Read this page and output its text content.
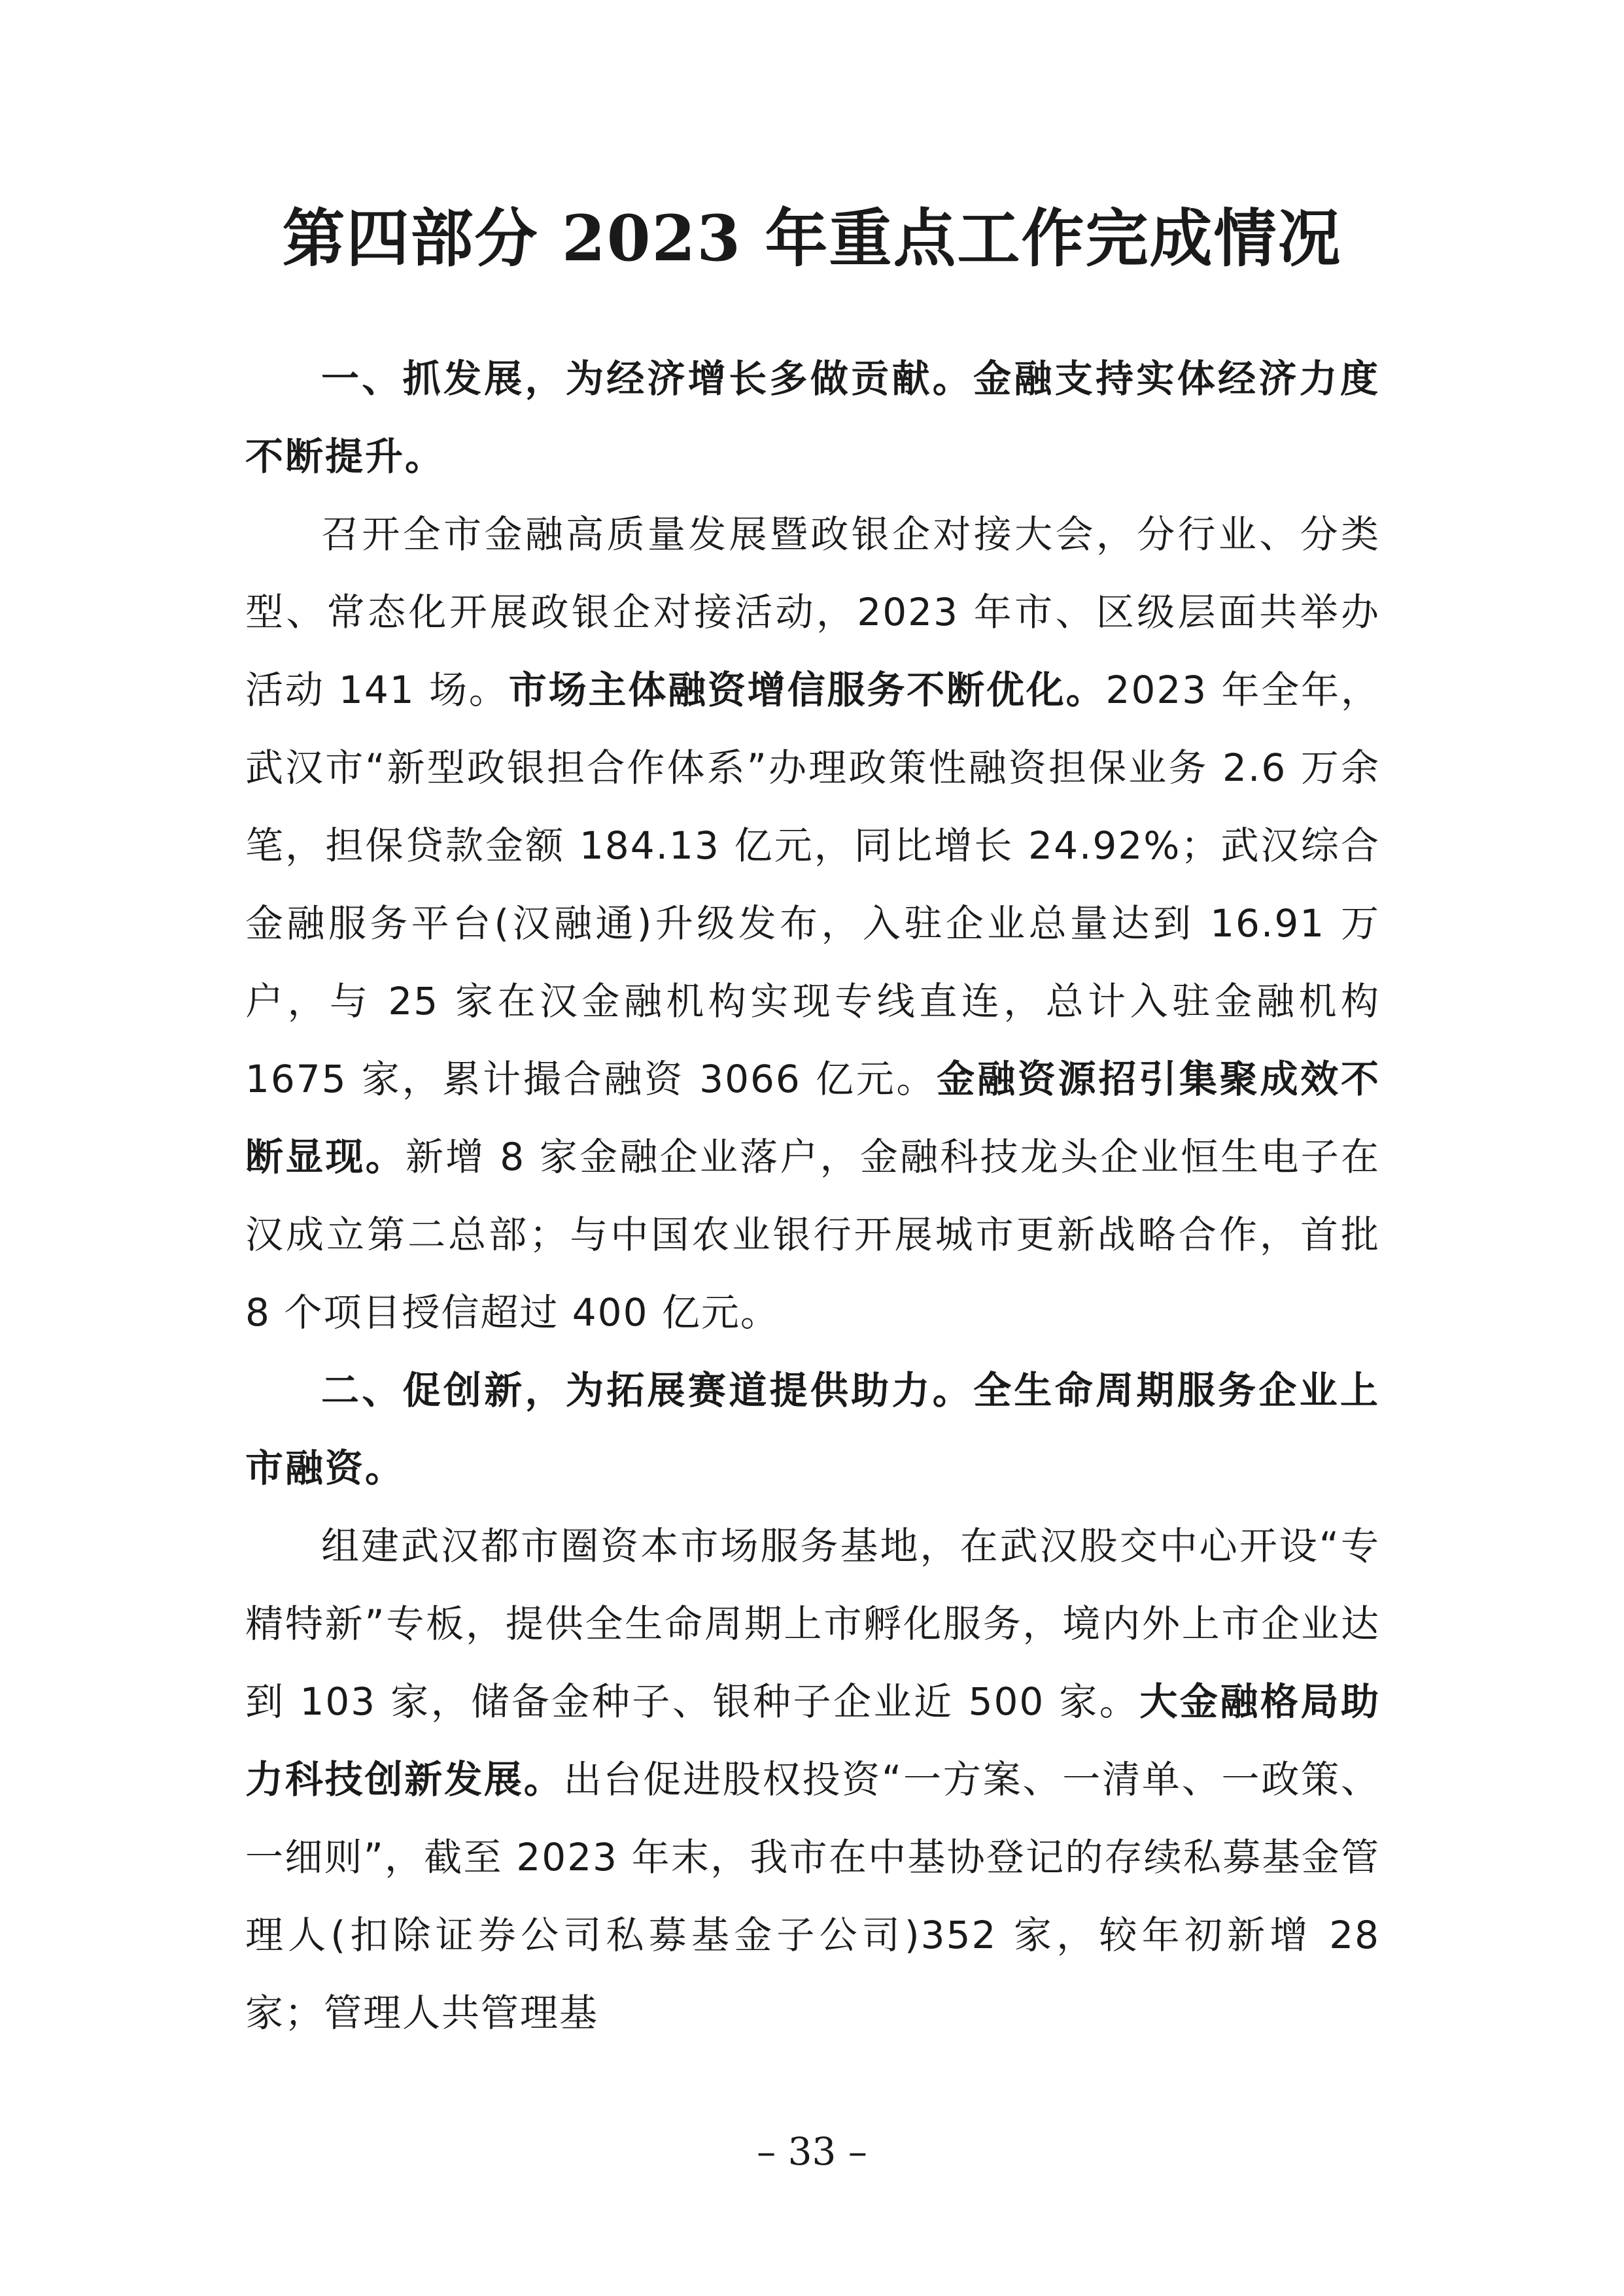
第四部分 2023 年重点工作完成情况

一、抓发展，为经济增长多做贡献。金融支持实体经济力度不断提升。

召开全市金融高质量发展暨政银企对接大会，分行业、分类型、常态化开展政银企对接活动，2023 年市、区级层面共举办活动 141 场。市场主体融资增信服务不断优化。2023 年全年，武汉市“新型政银担合作体系”办理政策性融资担保业务 2.6 万余笔，担保贷款金额 184.13 亿元，同比增长 24.92%；武汉综合金融服务平台(汉融通)升级发布，入驻企业总量达到 16.91 万户，与 25 家在汉金融机构实现专线直连，总计入驻金融机构 1675 家，累计撮合融资 3066 亿元。金融资源招引集聚成效不断显现。新增 8 家金融企业落户，金融科技龙头企业恒生电子在汉成立第二总部；与中国农业银行开展城市更新战略合作，首批 8 个项目授信超过 400 亿元。

二、促创新，为拓展赛道提供助力。全生命周期服务企业上市融资。

组建武汉都市圈资本市场服务基地，在武汉股交中心开设“专精特新”专板，提供全生命周期上市孵化服务，境内外上市企业达到 103 家，储备金种子、银种子企业近 500 家。大金融格局助力科技创新发展。出台促进股权投资“一方案、一清单、一政策、一细则”，截至 2023 年末，我市在中基协登记的存续私募基金管理人(扣除证券公司私募基金子公司)352 家，较年初新增 28 家；管理人共管理基

– 33 –
